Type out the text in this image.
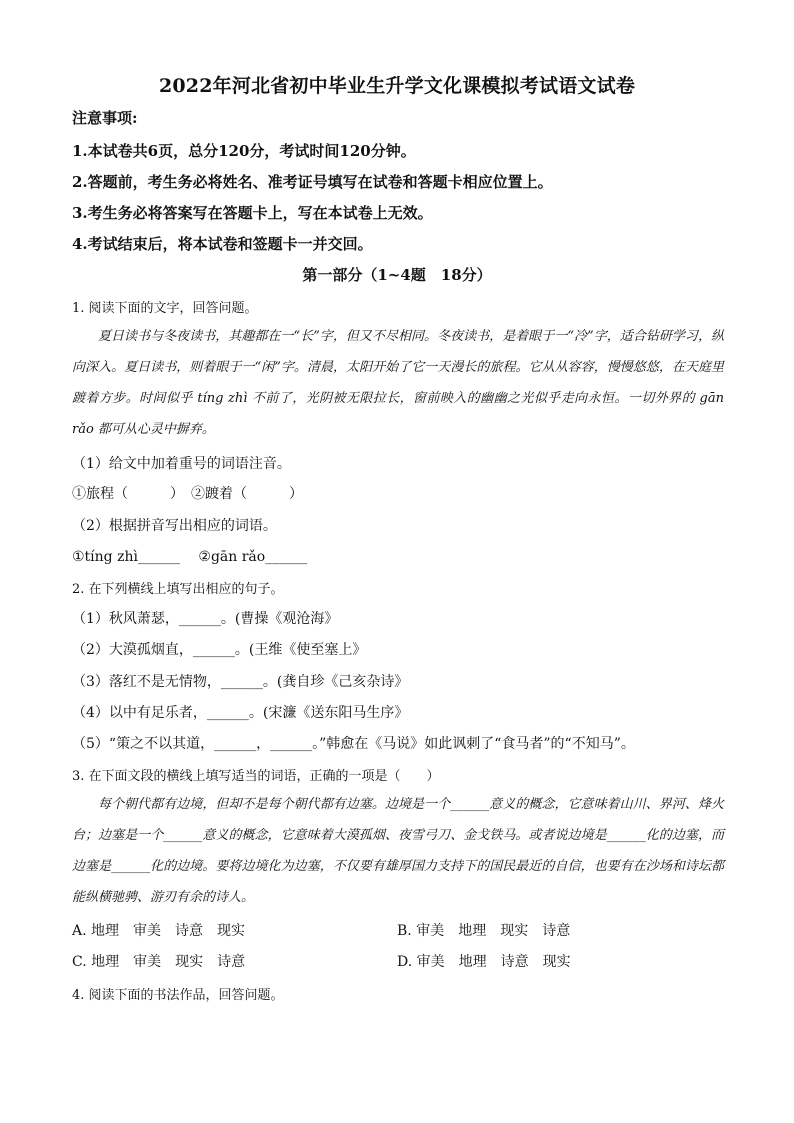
2022年河北省初中毕业生升学文化课模拟考试语文试卷
注意事项:
1.本试卷共6页，总分120分，考试时间120分钟。
2.答题前，考生务必将姓名、准考证号填写在试卷和答题卡相应位置上。
3.考生务必将答案写在答题卡上，写在本试卷上无效。
4.考试结束后，将本试卷和签题卡一并交回。
第一部分（1~4题　18分）
1. 阅读下面的文字，回答问题。
夏日读书与冬夜读书，其趣都在一“长”字，但又不尽相同。冬夜读书，是着眼于一“冷”字，适合钻研学习，纵向深入。夏日读书，则着眼于一“闲”字。清晨，太阳开始了它一天漫长的旅程。它从从容容，慢慢悠悠，在天庭里踱着方步。时间似乎 tíng zhì 不前了，光阴被无限拉长，窗前映入的幽幽之光似乎走向永恒。一切外界的 gān rǎo 都可从心灵中摒弃。
（1）给文中加着重号的词语注音。
①旅程（　　　）　②踱着（　　　）
（2）根据拼音写出相应的词语。
①tíng zhì______　 ②gān rǎo______
2. 在下列横线上填写出相应的句子。
（1）秋风萧瑟，______。(曹操《观沧海》
（2）大漠孤烟直，______。(王维《使至塞上》
（3）落红不是无情物，______。(龚自珍《己亥杂诗》
（4）以中有足乐者，______。(宋濂《送东阳马生序》
（5）“策之不以其道，______，______。”韩愈在《马说》如此讽刺了“食马者”的“不知马”。
3. 在下面文段的横线上填写适当的词语，正确的一项是（　　）
每个朝代都有边境，但却不是每个朝代都有边塞。边境是一个______意义的概念，它意味着山川、界河、烽火台；边塞是一个______意义的概念，它意味着大漠孤烟、夜雪弓刀、金戈铁马。或者说边境是______化的边塞，而边塞是______化的边境。要将边境化为边塞，不仅要有雄厚国力支持下的国民最近的自信，也要有在沙场和诗坛都能纵横驰骋、游刃有余的诗人。
A. 地理　审美　诗意　现实	B. 审美　地理　现实　诗意
C. 地理　审美　现实　诗意	D. 审美　地理　诗意　现实
4. 阅读下面的书法作品，回答问题。
